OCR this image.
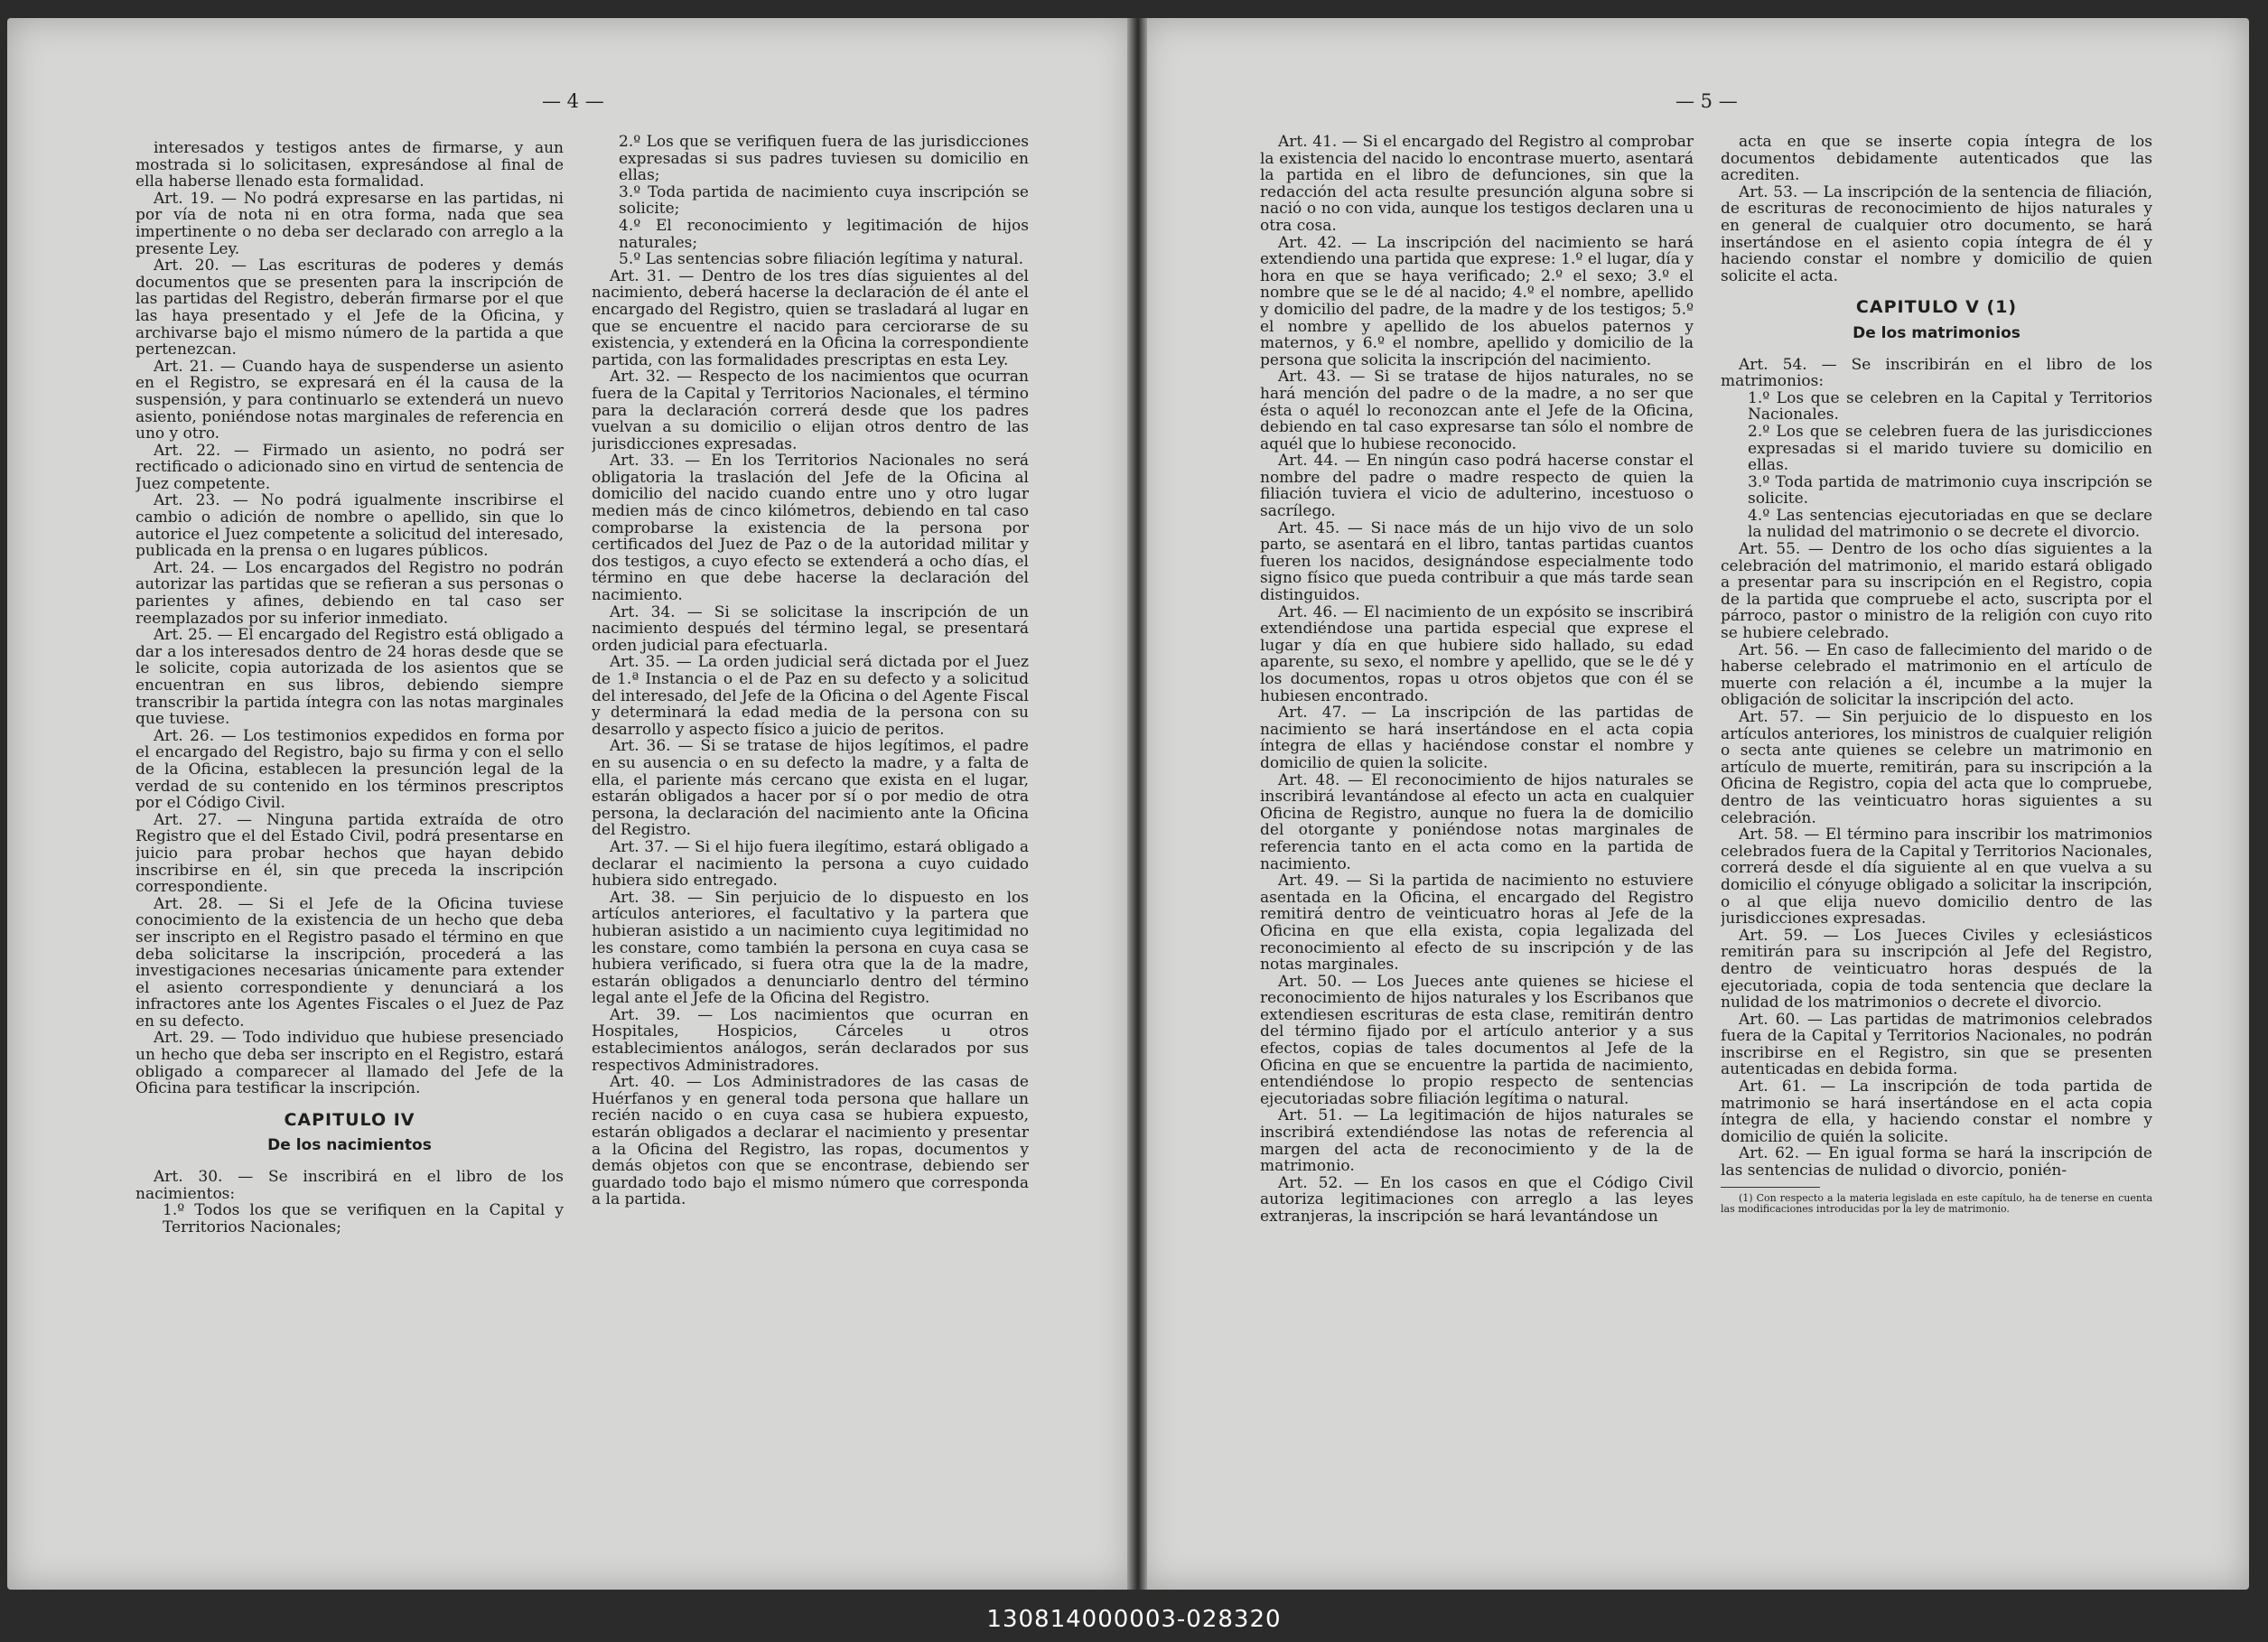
— 4 —

interesados y testigos antes de firmarse, y aun mostrada si lo solicitasen, expresándose al final de ella haberse llenado esta formalidad.

Art. 19. — No podrá expresarse en las partidas, ni por vía de nota ni en otra forma, nada que sea impertinente o no deba ser declarado con arreglo a la presente Ley.

Art. 20. — Las escrituras de poderes y demás documentos que se presenten para la inscripción de las partidas del Registro, deberán firmarse por el que las haya presentado y el Jefe de la Oficina, y archivarse bajo el mismo número de la partida a que pertenezcan.

Art. 21. — Cuando haya de suspenderse un asiento en el Registro, se expresará en él la causa de la suspensión, y para continuarlo se extenderá un nuevo asiento, poniéndose notas marginales de referencia en uno y otro.

Art. 22. — Firmado un asiento, no podrá ser rectificado o adicionado sino en virtud de sentencia de Juez competente.

Art. 23. — No podrá igualmente inscribirse el cambio o adición de nombre o apellido, sin que lo autorice el Juez competente a solicitud del interesado, publicada en la prensa o en lugares públicos.

Art. 24. — Los encargados del Registro no podrán autorizar las partidas que se refieran a sus personas o parientes y afines, debiendo en tal caso ser reemplazados por su inferior inmediato.

Art. 25. — El encargado del Registro está obligado a dar a los interesados dentro de 24 horas desde que se le solicite, copia autorizada de los asientos que se encuentran en sus libros, debiendo siempre transcribir la partida íntegra con las notas marginales que tuviese.

Art. 26. — Los testimonios expedidos en forma por el encargado del Registro, bajo su firma y con el sello de la Oficina, establecen la presunción legal de la verdad de su contenido en los términos prescriptos por el Código Civil.

Art. 27. — Ninguna partida extraída de otro Registro que el del Estado Civil, podrá presentarse en juicio para probar hechos que hayan debido inscribirse en él, sin que preceda la inscripción correspondiente.

Art. 28. — Si el Jefe de la Oficina tuviese conocimiento de la existencia de un hecho que deba ser inscripto en el Registro pasado el término en que deba solicitarse la inscripción, procederá a las investigaciones necesarias únicamente para extender el asiento correspondiente y denunciará a los infractores ante los Agentes Fiscales o el Juez de Paz en su defecto.

Art. 29. — Todo individuo que hubiese presenciado un hecho que deba ser inscripto en el Registro, estará obligado a comparecer al llamado del Jefe de la Oficina para testificar la inscripción.

CAPITULO IV
De los nacimientos

Art. 30. — Se inscribirá en el libro de los nacimientos:

1.º Todos los que se verifiquen en la Capital y Territorios Nacionales;

2.º Los que se verifiquen fuera de las jurisdicciones expresadas si sus padres tuviesen su domicilio en ellas;

3.º Toda partida de nacimiento cuya inscripción se solicite;

4.º El reconocimiento y legitimación de hijos naturales;

5.º Las sentencias sobre filiación legítima y natural.

Art. 31. — Dentro de los tres días siguientes al del nacimiento, deberá hacerse la declaración de él ante el encargado del Registro, quien se trasladará al lugar en que se encuentre el nacido para cerciorarse de su existencia, y extenderá en la Oficina la correspondiente partida, con las formalidades prescriptas en esta Ley.

Art. 32. — Respecto de los nacimientos que ocurran fuera de la Capital y Territorios Nacionales, el término para la declaración correrá desde que los padres vuelvan a su domicilio o elijan otros dentro de las jurisdicciones expresadas.

Art. 33. — En los Territorios Nacionales no será obligatoria la traslación del Jefe de la Oficina al domicilio del nacido cuando entre uno y otro lugar medien más de cinco kilómetros, debiendo en tal caso comprobarse la existencia de la persona por certificados del Juez de Paz o de la autoridad militar y dos testigos, a cuyo efecto se extenderá a ocho días, el término en que debe hacerse la declaración del nacimiento.

Art. 34. — Si se solicitase la inscripción de un nacimiento después del término legal, se presentará orden judicial para efectuarla.

Art. 35. — La orden judicial será dictada por el Juez de 1.ª Instancia o el de Paz en su defecto y a solicitud del interesado, del Jefe de la Oficina o del Agente Fiscal y determinará la edad media de la persona con su desarrollo y aspecto físico a juicio de peritos.

Art. 36. — Si se tratase de hijos legítimos, el padre en su ausencia o en su defecto la madre, y a falta de ella, el pariente más cercano que exista en el lugar, estarán obligados a hacer por sí o por medio de otra persona, la declaración del nacimiento ante la Oficina del Registro.

Art. 37. — Si el hijo fuera ilegítimo, estará obligado a declarar el nacimiento la persona a cuyo cuidado hubiera sido entregado.

Art. 38. — Sin perjuicio de lo dispuesto en los artículos anteriores, el facultativo y la partera que hubieran asistido a un nacimiento cuya legitimidad no les constare, como también la persona en cuya casa se hubiera verificado, si fuera otra que la de la madre, estarán obligados a denunciarlo dentro del término legal ante el Jefe de la Oficina del Registro.

Art. 39. — Los nacimientos que ocurran en Hospitales, Hospicios, Cárceles u otros establecimientos análogos, serán declarados por sus respectivos Administradores.

Art. 40. — Los Administradores de las casas de Huérfanos y en general toda persona que hallare un recién nacido o en cuya casa se hubiera expuesto, estarán obligados a declarar el nacimiento y presentar a la Oficina del Registro, las ropas, documentos y demás objetos con que se encontrase, debiendo ser guardado todo bajo el mismo número que corresponda a la partida.

— 5 —

Art. 41. — Si el encargado del Registro al comprobar la existencia del nacido lo encontrase muerto, asentará la partida en el libro de defunciones, sin que la redacción del acta resulte presunción alguna sobre si nació o no con vida, aunque los testigos declaren una u otra cosa.

Art. 42. — La inscripción del nacimiento se hará extendiendo una partida que exprese: 1.º el lugar, día y hora en que se haya verificado; 2.º el sexo; 3.º el nombre que se le dé al nacido; 4.º el nombre, apellido y domicilio del padre, de la madre y de los testigos; 5.º el nombre y apellido de los abuelos paternos y maternos, y 6.º el nombre, apellido y domicilio de la persona que solicita la inscripción del nacimiento.

Art. 43. — Si se tratase de hijos naturales, no se hará mención del padre o de la madre, a no ser que ésta o aquél lo reconozcan ante el Jefe de la Oficina, debiendo en tal caso expresarse tan sólo el nombre de aquél que lo hubiese reconocido.

Art. 44. — En ningún caso podrá hacerse constar el nombre del padre o madre respecto de quien la filiación tuviera el vicio de adulterino, incestuoso o sacrílego.

Art. 45. — Si nace más de un hijo vivo de un solo parto, se asentará en el libro, tantas partidas cuantos fueren los nacidos, designándose especialmente todo signo físico que pueda contribuir a que más tarde sean distinguidos.

Art. 46. — El nacimiento de un expósito se inscribirá extendiéndose una partida especial que exprese el lugar y día en que hubiere sido hallado, su edad aparente, su sexo, el nombre y apellido, que se le dé y los documentos, ropas u otros objetos que con él se hubiesen encontrado.

Art. 47. — La inscripción de las partidas de nacimiento se hará insertándose en el acta copia íntegra de ellas y haciéndose constar el nombre y domicilio de quien la solicite.

Art. 48. — El reconocimiento de hijos naturales se inscribirá levantándose al efecto un acta en cualquier Oficina de Registro, aunque no fuera la de domicilio del otorgante y poniéndose notas marginales de referencia tanto en el acta como en la partida de nacimiento.

Art. 49. — Si la partida de nacimiento no estuviere asentada en la Oficina, el encargado del Registro remitirá dentro de veinticuatro horas al Jefe de la Oficina en que ella exista, copia legalizada del reconocimiento al efecto de su inscripción y de las notas marginales.

Art. 50. — Los Jueces ante quienes se hiciese el reconocimiento de hijos naturales y los Escribanos que extendiesen escrituras de esta clase, remitirán dentro del término fijado por el artículo anterior y a sus efectos, copias de tales documentos al Jefe de la Oficina en que se encuentre la partida de nacimiento, entendiéndose lo propio respecto de sentencias ejecutoriadas sobre filiación legítima o natural.

Art. 51. — La legitimación de hijos naturales se inscribirá extendiéndose las notas de referencia al margen del acta de reconocimiento y de la de matrimonio.

Art. 52. — En los casos en que el Código Civil autoriza legitimaciones con arreglo a las leyes extranjeras, la inscripción se hará levantándose un

acta en que se inserte copia íntegra de los documentos debidamente autenticados que las acrediten.

Art. 53. — La inscripción de la sentencia de filiación, de escrituras de reconocimiento de hijos naturales y en general de cualquier otro documento, se hará insertándose en el asiento copia íntegra de él y haciendo constar el nombre y domicilio de quien solicite el acta.

CAPITULO V (1)
De los matrimonios

Art. 54. — Se inscribirán en el libro de los matrimonios:

1.º Los que se celebren en la Capital y Territorios Nacionales.

2.º Los que se celebren fuera de las jurisdicciones expresadas si el marido tuviere su domicilio en ellas.

3.º Toda partida de matrimonio cuya inscripción se solicite.

4.º Las sentencias ejecutoriadas en que se declare la nulidad del matrimonio o se decrete el divorcio.

Art. 55. — Dentro de los ocho días siguientes a la celebración del matrimonio, el marido estará obligado a presentar para su inscripción en el Registro, copia de la partida que compruebe el acto, suscripta por el párroco, pastor o ministro de la religión con cuyo rito se hubiere celebrado.

Art. 56. — En caso de fallecimiento del marido o de haberse celebrado el matrimonio en el artículo de muerte con relación a él, incumbe a la mujer la obligación de solicitar la inscripción del acto.

Art. 57. — Sin perjuicio de lo dispuesto en los artículos anteriores, los ministros de cualquier religión o secta ante quienes se celebre un matrimonio en artículo de muerte, remitirán, para su inscripción a la Oficina de Registro, copia del acta que lo compruebe, dentro de las veinticuatro horas siguientes a su celebración.

Art. 58. — El término para inscribir los matrimonios celebrados fuera de la Capital y Territorios Nacionales, correrá desde el día siguiente al en que vuelva a su domicilio el cónyuge obligado a solicitar la inscripción, o al que elija nuevo domicilio dentro de las jurisdicciones expresadas.

Art. 59. — Los Jueces Civiles y eclesiásticos remitirán para su inscripción al Jefe del Registro, dentro de veinticuatro horas después de la ejecutoriada, copia de toda sentencia que declare la nulidad de los matrimonios o decrete el divorcio.

Art. 60. — Las partidas de matrimonios celebrados fuera de la Capital y Territorios Nacionales, no podrán inscribirse en el Registro, sin que se presenten autenticadas en debida forma.

Art. 61. — La inscripción de toda partida de matrimonio se hará insertándose en el acta copia íntegra de ella, y haciendo constar el nombre y domicilio de quién la solicite.

Art. 62. — En igual forma se hará la inscripción de las sentencias de nulidad o divorcio, ponién-

(1) Con respecto a la materia legislada en este capítulo, ha de tenerse en cuenta las modificaciones introducidas por la ley de matrimonio.

130814000003-028320
